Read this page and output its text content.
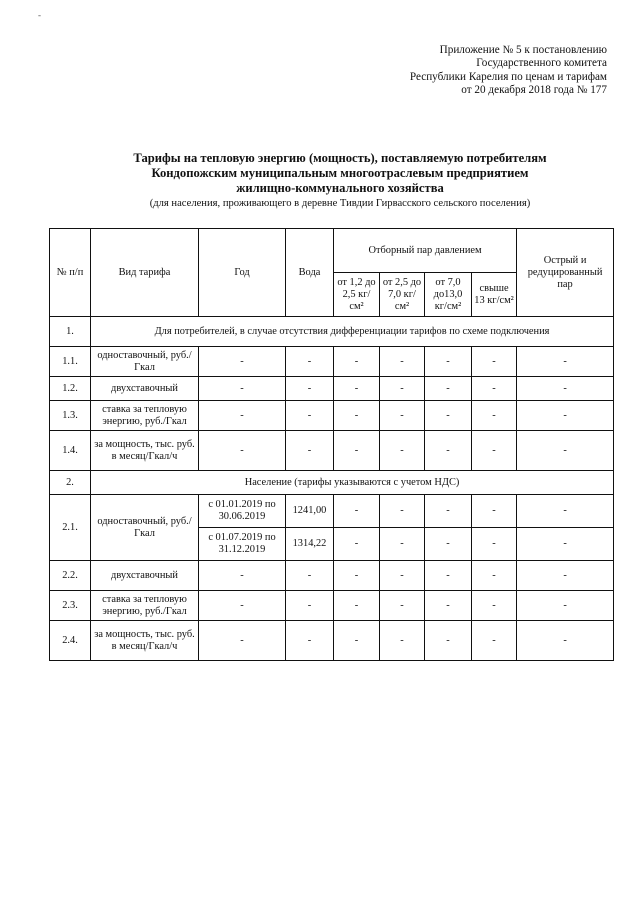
-
Приложение № 5 к постановлению
Государственного комитета
Республики Карелия по ценам и тарифам
от 20 декабря 2018 года № 177
Тарифы на тепловую энергию (мощность), поставляемую потребителям
Кондопожским муниципальным многоотраслевым предприятием
жилищно-коммунального хозяйства
(для населения, проживающего в деревне Тивдии Гирвасского сельского поселения)
№ п/п	Вид тарифа	Год	Вода	Отборный пар давлением				Острый и редуцированный пар
				от 1,2 до 2,5 кг/см²	от 2,5 до 7,0 кг/см²	от 7,0 до13,0 кг/см²	свыше 13 кг/см²	
1.	Для потребителей, в случае отсутствия дифференциации тарифов по схеме подключения							
1.1.	одноставочный, руб./Гкал	-	-	-	-	-	-	-
1.2.	двухставочный	-	-	-	-	-	-	-
1.3.	ставка за тепловую энергию, руб./Гкал	-	-	-	-	-	-	-
1.4.	за мощность, тыс. руб. в месяц/Гкал/ч	-	-	-	-	-	-	-
2.	Население (тарифы указываются с учетом НДС)							
2.1.	одноставочный, руб./Гкал	с 01.01.2019 по 30.06.2019	1241,00	-	-	-	-	-
		с 01.07.2019 по 31.12.2019	1314,22	-	-	-	-	-
2.2.	двухставочный	-	-	-	-	-	-	-
2.3.	ставка за тепловую энергию, руб./Гкал	-	-	-	-	-	-	-
2.4.	за мощность, тыс. руб. в месяц/Гкал/ч	-	-	-	-	-	-	-
